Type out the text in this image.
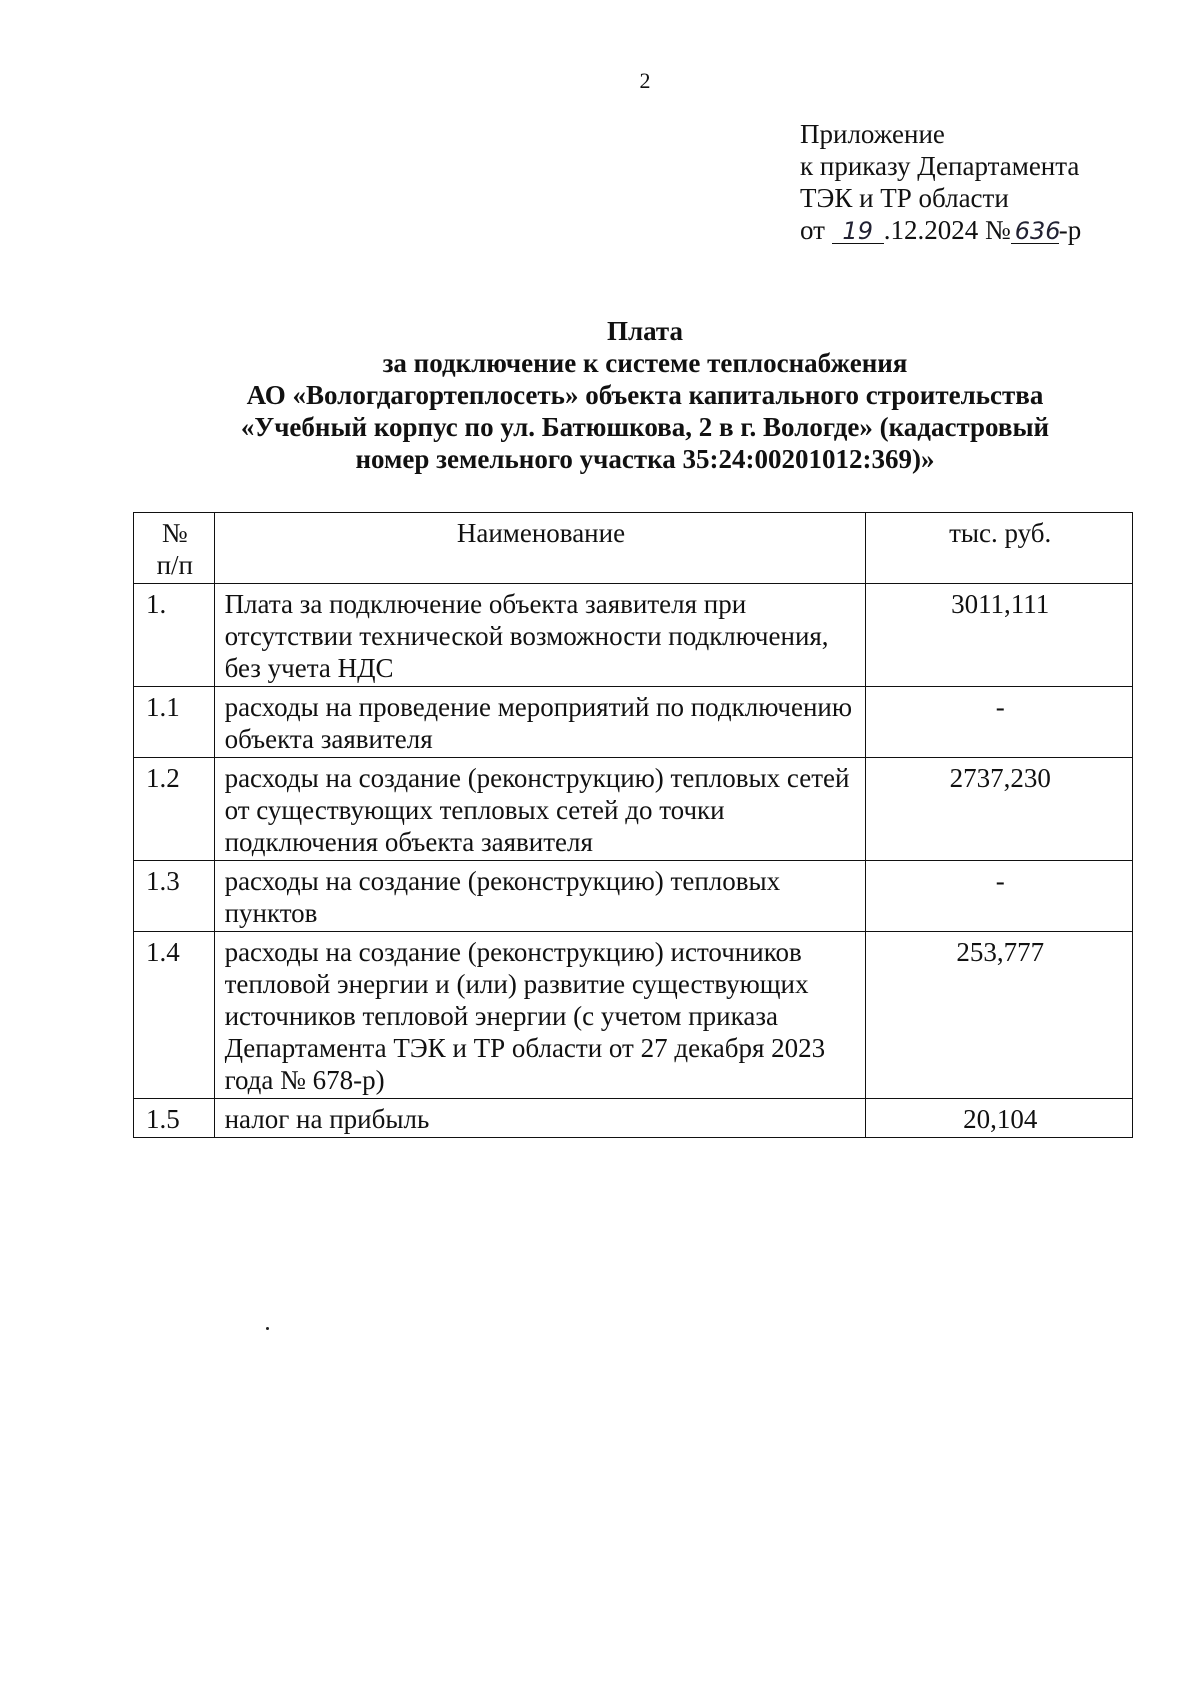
2
Приложение
к приказу Департамента
ТЭК и ТР области
от 19 .12.2024 № 636-р
Плата
за подключение к системе теплоснабжения
АО «Вологдагортеплосеть» объекта капитального строительства
«Учебный корпус по ул. Батюшкова, 2 в г. Вологде» (кадастровый
номер земельного участка 35:24:00201012:369)»
№
п/п	Наименование	тыс. руб.
1.	Плата за подключение объекта заявителя при отсутствии технической возможности подключения, без учета НДС	3011,111
1.1	расходы на проведение мероприятий по подключению объекта заявителя	-
1.2	расходы на создание (реконструкцию) тепловых сетей от существующих тепловых сетей до точки подключения объекта заявителя	2737,230
1.3	расходы на создание (реконструкцию) тепловых пунктов	-
1.4	расходы на создание (реконструкцию) источников тепловой энергии и (или) развитие существующих источников тепловой энергии (с учетом приказа Департамента ТЭК и ТР области от 27 декабря 2023 года № 678-р)	253,777
1.5	налог на прибыль	20,104
